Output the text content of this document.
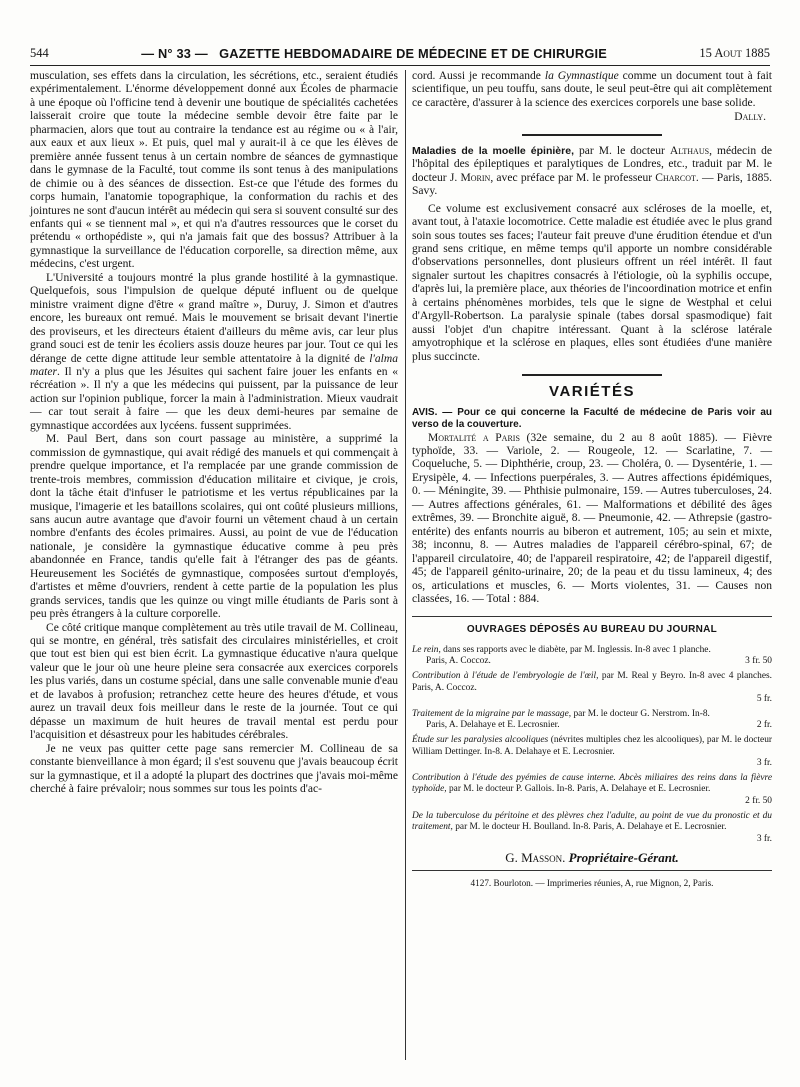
544	— N° 33 — GAZETTE HEBDOMADAIRE DE MÉDECINE ET DE CHIRURGIE	15 Aout 1885

musculation, ses effets dans la circulation, les sécrétions, etc., seraient étudiés expérimentalement. L'énorme développement donné aux Écoles de pharmacie à une époque où l'officine tend à devenir une boutique de spécialités cachetées laisserait croire que toute la médecine semble devoir être faite par le pharmacien, alors que tout au contraire la tendance est au régime ou « à l'air, aux eaux et aux lieux ». Et puis, quel mal y aurait-il à ce que les élèves de première année fussent tenus à un certain nombre de séances de gymnastique dans le gymnase de la Faculté, tout comme ils sont tenus à des manipulations de chimie ou à des séances de dissection. Est-ce que l'étude des formes du corps humain, l'anatomie topographique, la conformation du rachis et des jointures ne sont d'aucun intérêt au médecin qui sera si souvent consulté sur des enfants qui « se tiennent mal », et qui n'a d'autres ressources que le corset du prétendu « orthopédiste », qui n'a jamais fait que des bossus? Attribuer à la gymnastique la surveillance de l'éducation corporelle, sa direction même, aux médecins, c'est urgent.

L'Université a toujours montré la plus grande hostilité à la gymnastique. Quelquefois, sous l'impulsion de quelque député influent ou de quelque ministre vraiment digne d'être « grand maître », Duruy, J. Simon et d'autres encore, les bureaux ont remué. Mais le mouvement se brisait devant l'inertie des proviseurs, et les directeurs étaient d'ailleurs du même avis, car leur plus grand souci est de tenir les écoliers assis douze heures par jour. Tout ce qui les dérange de cette digne attitude leur semble attentatoire à la dignité de l'alma mater. Il n'y a plus que les Jésuites qui sachent faire jouer les enfants en « récréation ». Il n'y a que les médecins qui puissent, par la puissance de leur action sur l'opinion publique, forcer la main à l'administration. Mieux vaudrait — car tout serait à faire — que les deux demi-heures par semaine de gymnastique accordées aux lycéens. fussent supprimées.

M. Paul Bert, dans son court passage au ministère, a supprimé la commission de gymnastique, qui avait rédigé des manuels et qui commençait à prendre quelque importance, et l'a remplacée par une grande commission de trente-trois membres, commission d'éducation militaire et civique, je crois, dont la tâche était d'infuser le patriotisme et les vertus républicaines par la musique, l'imagerie et les bataillons scolaires, qui ont coûté plusieurs millions, sans aucun autre avantage que d'avoir fourni un vêtement chaud à un certain nombre d'enfants des écoles primaires. Aussi, au point de vue de l'éducation nationale, je considère la gymnastique éducative comme à peu près abandonnée en France, tandis qu'elle fait à l'étranger des pas de géants. Heureusement les Sociétés de gymnastique, composées surtout d'employés, d'artistes et même d'ouvriers, rendent à cette partie de la population les plus grands services, tandis que les quinze ou vingt mille étudiants de Paris sont à peu près étrangers à la culture corporelle.

Ce côté critique manque complètement au très utile travail de M. Collineau, qui se montre, en général, très satisfait des circulaires ministérielles, et croit que tout est bien qui est bien écrit. La gymnastique éducative n'aura quelque valeur que le jour où une heure pleine sera consacrée aux exercices corporels les plus variés, dans un costume spécial, dans une salle convenable munie d'eau et de lavabos à profusion; retranchez cette heure des heures d'étude, et vous aurez un travail deux fois meilleur dans le reste de la journée. Tout ce qui dépasse un maximum de huit heures de travail mental est perdu pour l'acquisition et désastreux pour les habitudes cérébrales.

Je ne veux pas quitter cette page sans remercier M. Collineau de sa constante bienveillance à mon égard; il s'est souvenu que j'avais beaucoup écrit sur la gymnastique, et il a adopté la plupart des doctrines que j'avais moi-même cherché à faire prévaloir; nous sommes sur tous les points d'ac-

cord. Aussi je recommande la Gymnastique comme un document tout à fait scientifique, un peu touffu, sans doute, le seul peut-être qui ait complètement ce caractère, d'assurer à la science des exercices corporels une base solide.

Dally.

Maladies de la moelle épinière, par M. le docteur Althaus, médecin de l'hôpital des épileptiques et paralytiques de Londres, etc., traduit par M. le docteur J. Morin, avec préface par M. le professeur Charcot. — Paris, 1885. Savy.

Ce volume est exclusivement consacré aux scléroses de la moelle, et, avant tout, à l'ataxie locomotrice. Cette maladie est étudiée avec le plus grand soin sous toutes ses faces; l'auteur fait preuve d'une érudition étendue et d'un grand sens critique, en même temps qu'il apporte un nombre considérable d'observations personnelles, dont plusieurs offrent un réel intérêt. Il faut signaler surtout les chapitres consacrés à l'étiologie, où la syphilis occupe, d'après lui, la première place, aux théories de l'incoordination motrice et enfin à certains phénomènes morbides, tels que le signe de Westphal et celui d'Argyll-Robertson. La paralysie spinale (tabes dorsal spasmodique) fait aussi l'objet d'un chapitre intéressant. Quant à la sclérose latérale amyotrophique et la sclérose en plaques, elles sont étudiées d'une manière plus succincte.

VARIÉTÉS

AVIS. — Pour ce qui concerne la Faculté de médecine de Paris voir au verso de la couverture.

Mortalité a Paris (32e semaine, du 2 au 8 août 1885). — Fièvre typhoïde, 33. — Variole, 2. — Rougeole, 12. — Scarlatine, 7. — Coqueluche, 5. — Diphthérie, croup, 23. — Choléra, 0. — Dysentérie, 1. — Erysipèle, 4. — Infections puerpérales, 3. — Autres affections épidémiques, 0. — Méningite, 39. — Phthisie pulmonaire, 159. — Autres tuberculoses, 24. — Autres affections générales, 61. — Malformations et débilité des âges extrêmes, 39. — Bronchite aiguë, 8. — Pneumonie, 42. — Athrepsie (gastro-entérite) des enfants nourris au biberon et autrement, 105; au sein et mixte, 38; inconnu, 8. — Autres maladies de l'appareil cérébro-spinal, 67; de l'appareil circulatoire, 40; de l'appareil respiratoire, 42; de l'appareil digestif, 45; de l'appareil génito-urinaire, 20; de la peau et du tissu lamineux, 4; des os, articulations et muscles, 6. — Morts violentes, 31. — Causes non classées, 16. — Total : 884.

OUVRAGES DÉPOSÉS AU BUREAU DU JOURNAL
Le rein, dans ses rapports avec le diabète, par M. Inglessis. In-8 avec 1 planche.
Paris, A. Coccoz.	3 fr. 50
Contribution à l'étude de l'embryologie de l'œil, par M. Real y Beyro. In-8 avec 4 planches. Paris, A. Coccoz.
5 fr.
Traitement de la migraine par le massage, par M. le docteur G. Nerstrom. In-8.
Paris, A. Delahaye et E. Lecrosnier.	2 fr.
Étude sur les paralysies alcooliques (névrites multiples chez les alcooliques), par M. le docteur William Dettinger. In-8. A. Delahaye et E. Lecrosnier.
3 fr.
Contribution à l'étude des pyémies de cause interne. Abcès miliaires des reins dans la fièvre typhoïde, par M. le docteur P. Gallois. In-8. Paris, A. Delahaye et E. Lecrosnier.
2 fr. 50
De la tuberculose du péritoine et des plèvres chez l'adulte, au point de vue du pronostic et du traitement, par M. le docteur H. Boulland. In-8. Paris, A. Delahaye et E. Lecrosnier.
3 fr.
G. Masson. Propriétaire-Gérant.
4127. Bourloton. — Imprimeries réunies, A, rue Mignon, 2, Paris.
